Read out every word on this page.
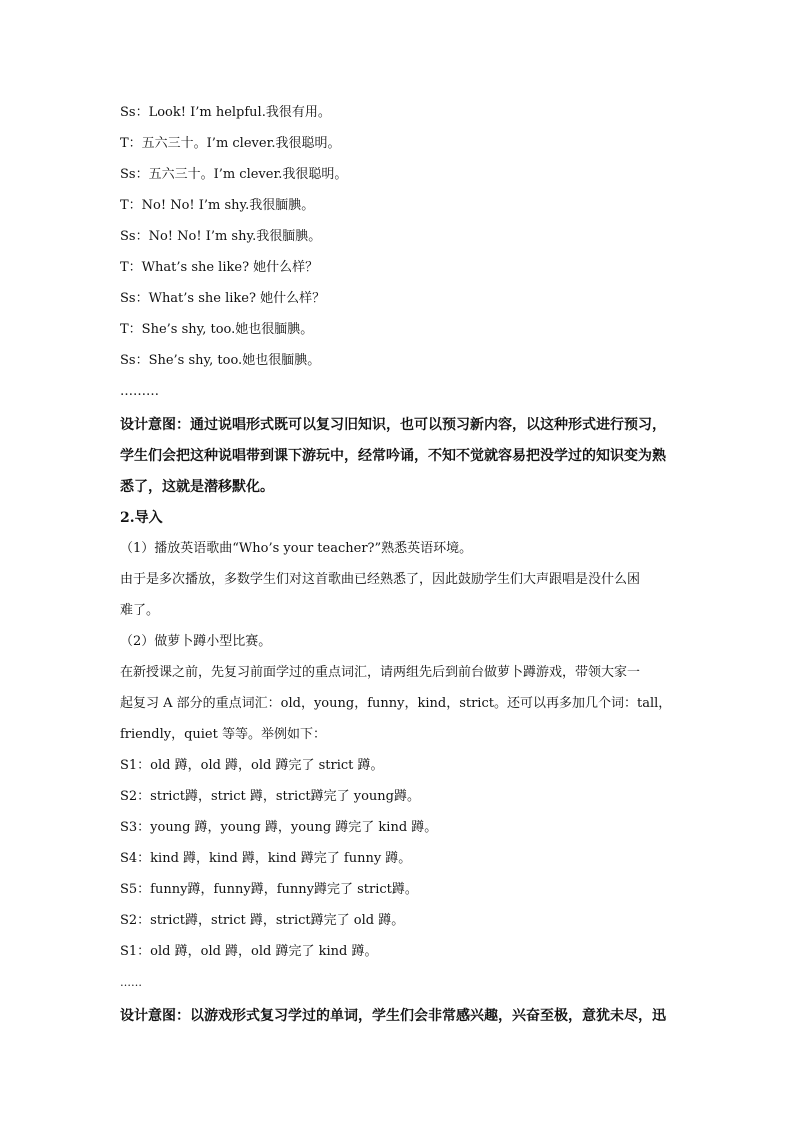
Ss：Look! I’m helpful.我很有用。
T：五六三十。I’m clever.我很聪明。
Ss：五六三十。I’m clever.我很聪明。
T：No! No! I’m shy.我很腼腆。
Ss：No! No! I’m shy.我很腼腆。
T：What’s she like? 她什么样？
Ss：What’s she like? 她什么样？
T：She’s shy, too.她也很腼腆。
Ss：She’s shy, too.她也很腼腆。
………
设计意图：通过说唱形式既可以复习旧知识，也可以预习新内容，以这种形式进行预习，
学生们会把这种说唱带到课下游玩中，经常吟诵，不知不觉就容易把没学过的知识变为熟
悉了，这就是潜移默化。
2.导入
（1）播放英语歌曲“Who’s your teacher?”熟悉英语环境。
由于是多次播放，多数学生们对这首歌曲已经熟悉了，因此鼓励学生们大声跟唱是没什么困
难了。
（2）做萝卜蹲小型比赛。
在新授课之前，先复习前面学过的重点词汇，请两组先后到前台做萝卜蹲游戏，带领大家一
起复习 A 部分的重点词汇：old，young，funny，kind，strict。还可以再多加几个词：tall，
friendly，quiet 等等。举例如下：
S1：old 蹲，old 蹲，old 蹲完了 strict 蹲。
S2：strict蹲，strict 蹲，strict蹲完了 young蹲。
S3：young 蹲，young 蹲，young 蹲完了 kind 蹲。
S4：kind 蹲，kind 蹲，kind 蹲完了 funny 蹲。
S5：funny蹲，funny蹲，funny蹲完了 strict蹲。
S2：strict蹲，strict 蹲，strict蹲完了 old 蹲。
S1：old 蹲，old 蹲，old 蹲完了 kind 蹲。
……
设计意图：以游戏形式复习学过的单词，学生们会非常感兴趣，兴奋至极，意犹未尽，迅
